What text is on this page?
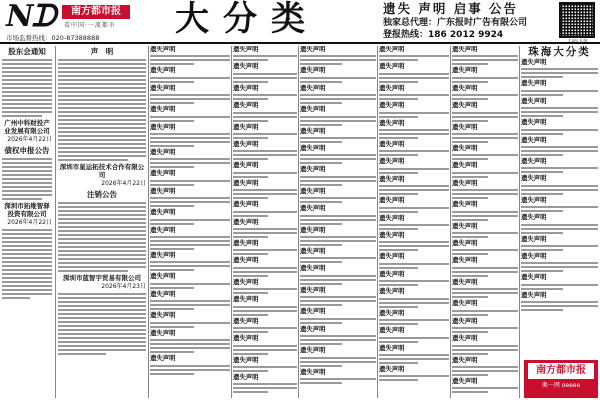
Nᗪ	南方都市报
看中国·一流都市
市场监督热线：020-87388888 大分类	遗失 声明 启事 公告
独家总代理：广东报时广告有限公司
登报热线：186 2012 9924
股东会通知
广州中科财投产业发展有限公司
2026年4月22日
债权申报公告
深圳市拓维智驿投资有限公司
2026年4月22日
声　明
深圳市星运拓技术合作有限公司
2026年4月22日
注销公告
深圳市蓝智宇贸易有限公司
2026年4月23日
遗失声明
遗失声明
遗失声明
遗失声明
遗失声明
遗失声明
遗失声明
遗失声明
遗失声明
遗失声明
遗失声明
遗失声明
遗失声明
遗失声明
遗失声明
遗失声明
遗失声明
遗失声明
遗失声明
遗失声明
遗失声明
遗失声明
遗失声明
遗失声明
遗失声明
遗失声明
遗失声明
遗失声明
遗失声明
遗失声明
遗失声明
遗失声明
遗失声明
遗失声明
遗失声明
遗失声明
遗失声明
遗失声明
遗失声明
遗失声明
遗失声明
遗失声明
遗失声明
遗失声明
遗失声明
遗失声明
遗失声明
遗失声明
遗失声明
遗失声明
遗失声明
遗失声明
遗失声明
遗失声明
遗失声明
遗失声明
遗失声明
遗失声明
遗失声明
遗失声明
遗失声明
遗失声明
遗失声明
遗失声明
遗失声明
遗失声明
遗失声明
遗失声明
遗失声明
遗失声明
遗失声明
遗失声明
遗失声明
遗失声明
遗失声明
遗失声明
遗失声明
遗失声明
遗失声明
遗失声明
遗失声明
遗失声明
遗失声明
遗失声明
遗失声明
遗失声明
遗失声明
珠海大分类
遗失声明
遗失声明
遗失声明
遗失声明
遗失声明
遗失声明
遗失声明
遗失声明
遗失声明
遗失声明
遗失声明
遗失声明
遗失声明
南方都市报
奥一网 oeeee
